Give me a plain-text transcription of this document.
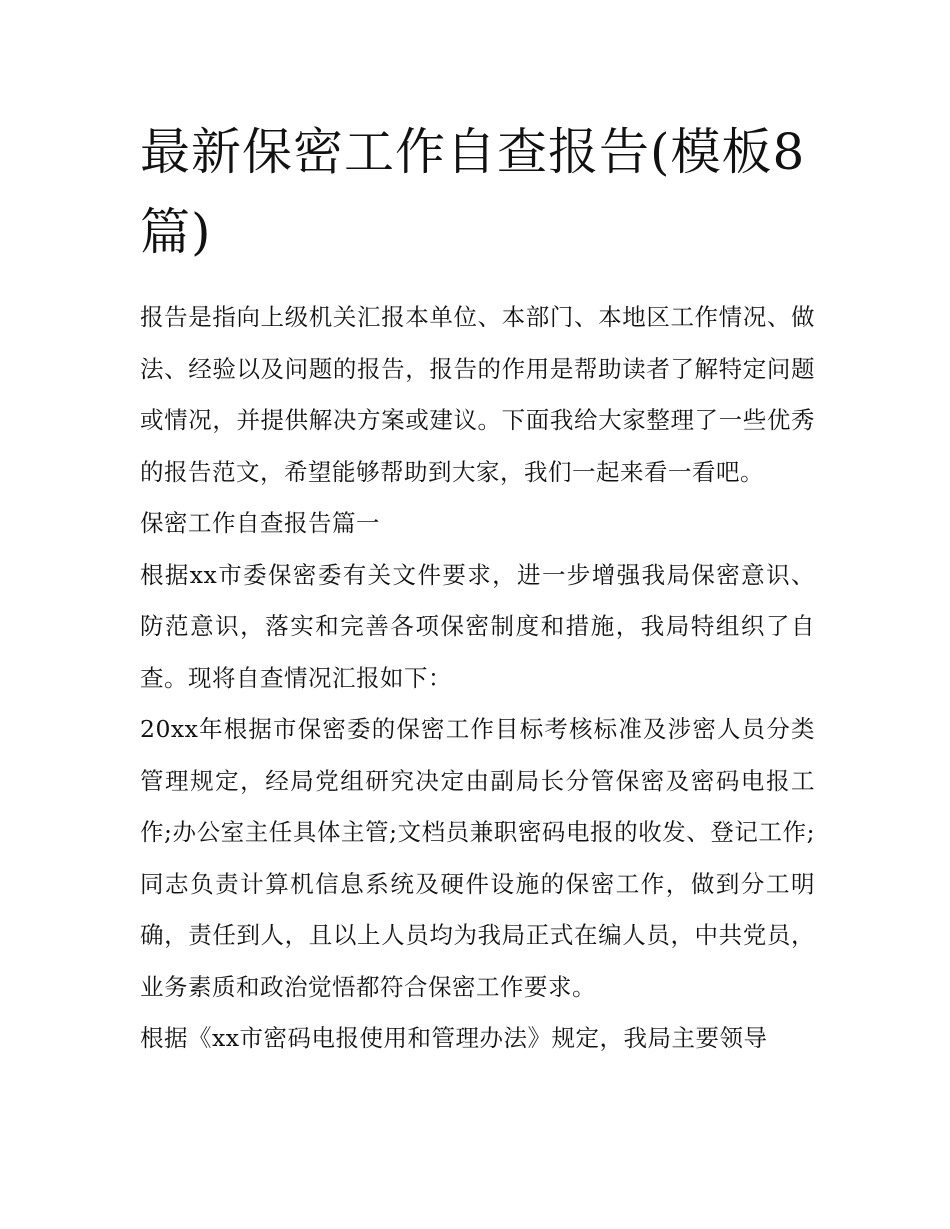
最新保密工作自查报告(模板8篇)

报告是指向上级机关汇报本单位、本部门、本地区工作情况、做法、经验以及问题的报告，报告的作用是帮助读者了解特定问题或情况，并提供解决方案或建议。下面我给大家整理了一些优秀的报告范文，希望能够帮助到大家，我们一起来看一看吧。

保密工作自查报告篇一

根据xx市委保密委有关文件要求，进一步增强我局保密意识、防范意识，落实和完善各项保密制度和措施，我局特组织了自查。现将自查情况汇报如下：

20xx年根据市保密委的保密工作目标考核标准及涉密人员分类管理规定，经局党组研究决定由副局长分管保密及密码电报工作;办公室主任具体主管;文档员兼职密码电报的收发、登记工作;同志负责计算机信息系统及硬件设施的保密工作，做到分工明确，责任到人，且以上人员均为我局正式在编人员，中共党员，业务素质和政治觉悟都符合保密工作要求。

根据《xx市密码电报使用和管理办法》规定，我局主要领导
